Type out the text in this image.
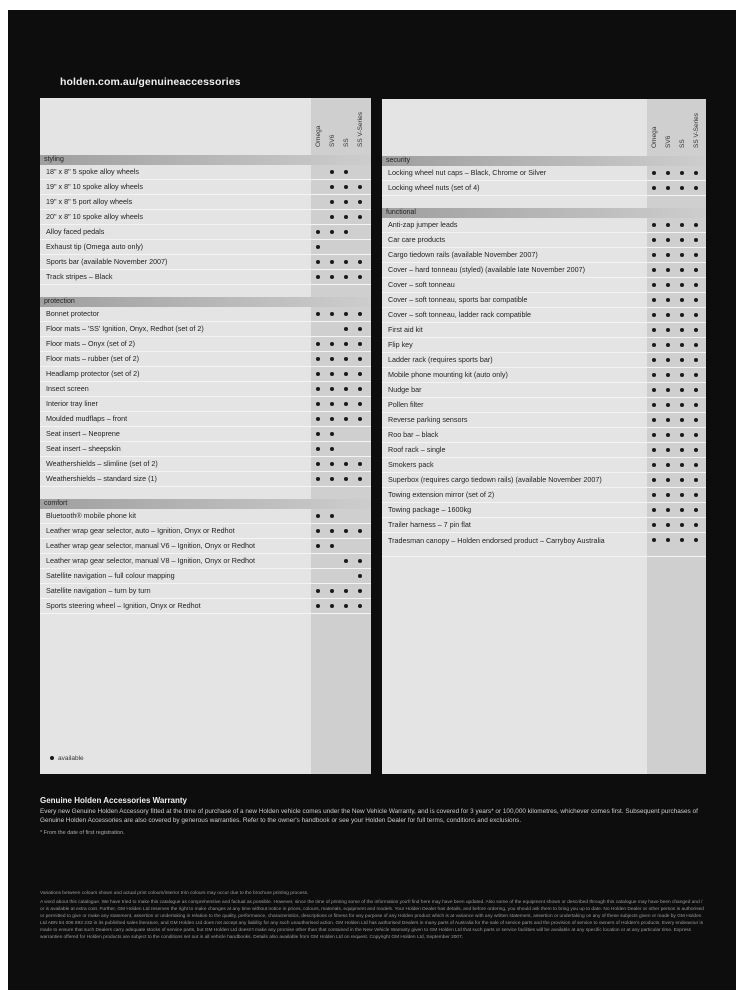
holden.com.au/genuineaccessories
Omega SV6 SS SS V-Series
styling
18" x 8" 5 spoke alloy wheels
19" x 8" 10 spoke alloy wheels
19" x 8" 5 port alloy wheels
20" x 8" 10 spoke alloy wheels
Alloy faced pedals
Exhaust tip (Omega auto only)
Sports bar (available November 2007)
Track stripes – Black
protection
Bonnet protector
Floor mats – 'SS' Ignition, Onyx, Redhot (set of 2)
Floor mats – Onyx (set of 2)
Floor mats – rubber (set of 2)
Headlamp protector (set of 2)
Insect screen
Interior tray liner
Moulded mudflaps – front
Seat insert – Neoprene
Seat insert – sheepskin
Weathershields – slimline (set of 2)
Weathershields – standard size (1)
comfort
Bluetooth® mobile phone kit
Leather wrap gear selector, auto – Ignition, Onyx or Redhot
Leather wrap gear selector, manual V6 – Ignition, Onyx or Redhot
Leather wrap gear selector, manual V8 – Ignition, Onyx or Redhot
Satellite navigation – full colour mapping
Satellite navigation – turn by turn
Sports steering wheel – Ignition, Onyx or Redhot
available
Omega SV6 SS SS V-Series
security
Locking wheel nut caps – Black, Chrome or Silver
Locking wheel nuts (set of 4)
functional
Anti-zap jumper leads
Car care products
Cargo tiedown rails (available November 2007)
Cover – hard tonneau (styled) (available late November 2007)
Cover – soft tonneau
Cover – soft tonneau, sports bar compatible
Cover – soft tonneau, ladder rack compatible
First aid kit
Flip key
Ladder rack (requires sports bar)
Mobile phone mounting kit (auto only)
Nudge bar
Pollen filter
Reverse parking sensors
Roo bar – black
Roof rack – single
Smokers pack
Superbox (requires cargo tiedown rails) (available November 2007)
Towing extension mirror (set of 2)
Towing package – 1600kg
Trailer harness – 7 pin flat
Tradesman canopy – Holden endorsed product – Carryboy Australia
Genuine Holden Accessories Warranty
Every new Genuine Holden Accessory fitted at the time of purchase of a new Holden vehicle comes under the New Vehicle Warranty, and is covered for 3 years* or 100,000 kilometres, whichever comes first. Subsequent purchases of Genuine Holden Accessories are also covered by generous warranties. Refer to the owner's handbook or see your Holden Dealer for full terms, conditions and exclusions.
* From the date of first registration.

Variations between colours shown and actual print colours/interior trim colours may occur due to the brochure printing process.

A word about this catalogue. We have tried to make this catalogue as comprehensive and factual as possible. However, since the time of printing some of the information you'll find here may have been updated. Also some of the equipment shown or described through this catalogue may have been changed and / or is available at extra cost. Further, GM Holden Ltd reserves the right to make changes at any time without notice in prices, colours, materials, equipment and models. Your Holden Dealer has details, and before ordering, you should ask them to bring you up to date. No Holden Dealer or other person is authorised or permitted to give or make any statement, assertion or undertaking in relation to the quality, performance, characteristics, descriptions or fitness for any purpose of any Holden product which is at variance with any written statement, assertion or undertaking on any of these subjects given or made by GM Holden Ltd ABN 84 006 893 232 in its published sales literature, and GM Holden Ltd does not accept any liability for any such unauthorised action. GM Holden Ltd has authorised Dealers in many parts of Australia for the sale of service parts and the provision of service to owners of Holden's products. Every endeavour is made to ensure that such Dealers carry adequate stocks of service parts, but GM Holden Ltd doesn't make any promise other than that contained in the New Vehicle Warranty given to GM Holden Ltd that such parts or service facilities will be available at any specific location or at any particular time. Express warranties offered for Holden products are subject to the conditions set out in all vehicle handbooks. Details also available from GM Holden Ltd on request. Copyright GM Holden Ltd, September 2007.
